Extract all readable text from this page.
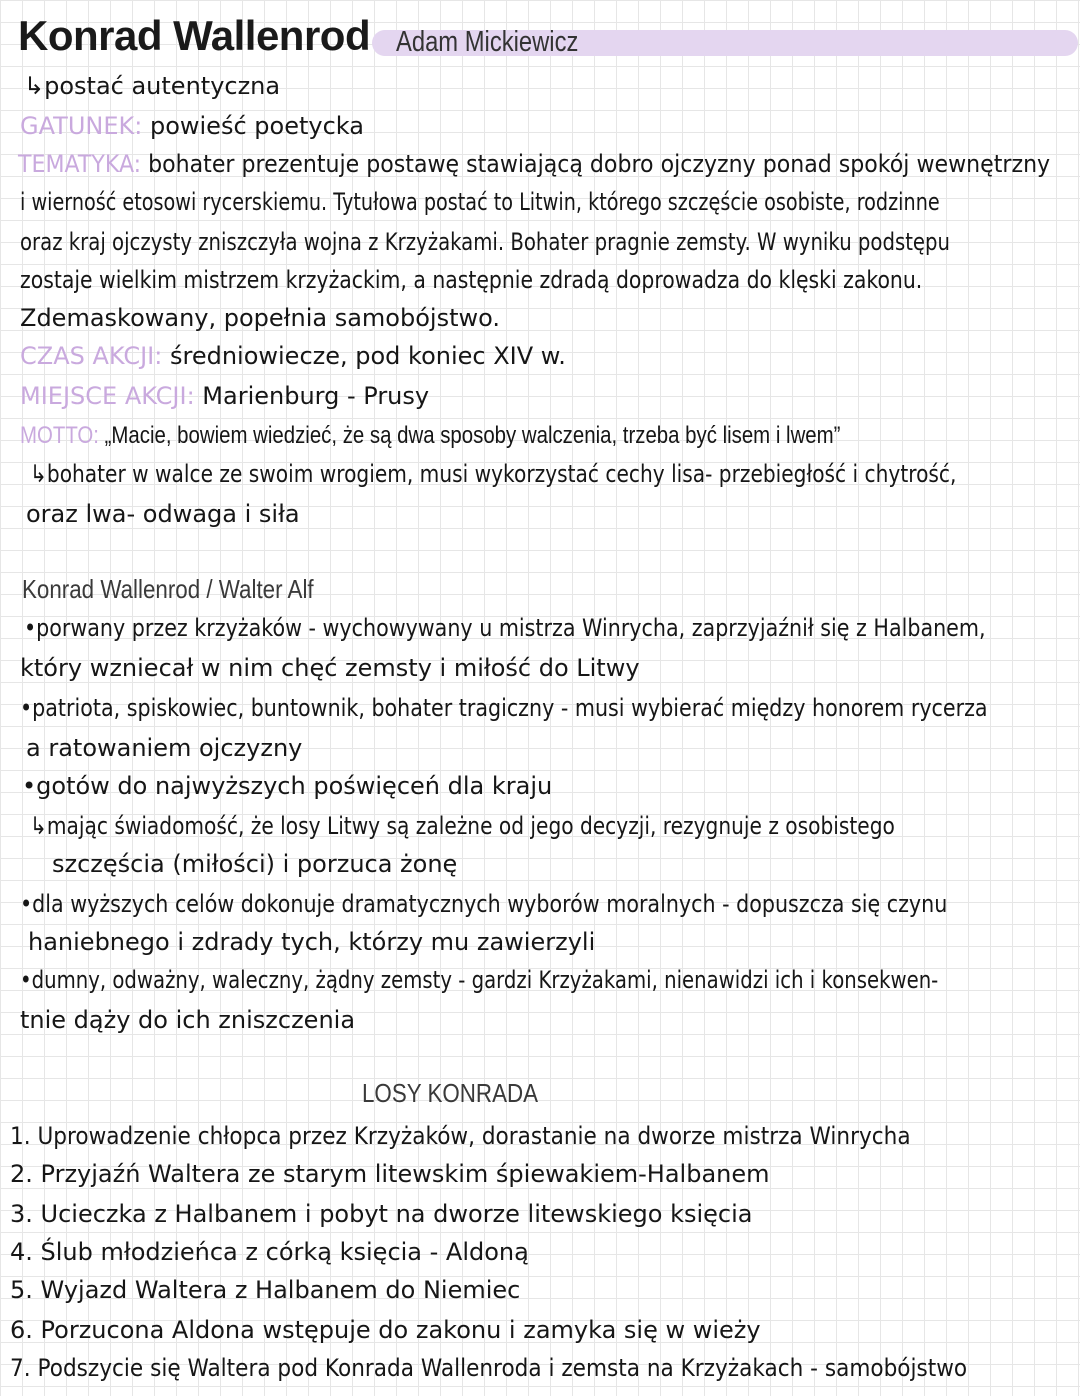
Konrad Wallenrod Adam Mickiewicz
↳postać autentyczna
GATUNEK: powieść poetycka
TEMATYKA: bohater prezentuje postawę stawiającą dobro ojczyzny ponad spokój wewnętrzny
i wierność etosowi rycerskiemu. Tytułowa postać to Litwin, którego szczęście osobiste, rodzinne
oraz kraj ojczysty zniszczyła wojna z Krzyżakami. Bohater pragnie zemsty. W wyniku podstępu
zostaje wielkim mistrzem krzyżackim, a następnie zdradą doprowadza do klęski zakonu.
Zdemaskowany, popełnia samobójstwo.
CZAS AKCJI: średniowiecze, pod koniec XIV w.
MIEJSCE AKCJI: Marienburg - Prusy
MOTTO: „Macie, bowiem wiedzieć, że są dwa sposoby walczenia, trzeba być lisem i lwem”
↳bohater w walce ze swoim wrogiem, musi wykorzystać cechy lisa- przebiegłość i chytrość,
oraz lwa- odwaga i siła
Konrad Wallenrod / Walter Alf
•porwany przez krzyżaków - wychowywany u mistrza Winrycha, zaprzyjaźnił się z Halbanem,
który wzniecał w nim chęć zemsty i miłość do Litwy
•patriota, spiskowiec, buntownik, bohater tragiczny - musi wybierać między honorem rycerza
a ratowaniem ojczyzny
•gotów do najwyższych poświęceń dla kraju
↳mając świadomość, że losy Litwy są zależne od jego decyzji, rezygnuje z osobistego
szczęścia (miłości) i porzuca żonę
•dla wyższych celów dokonuje dramatycznych wyborów moralnych - dopuszcza się czynu
haniebnego i zdrady tych, którzy mu zawierzyli
•dumny, odważny, waleczny, żądny zemsty - gardzi Krzyżakami, nienawidzi ich i konsekwen-
tnie dąży do ich zniszczenia
LOSY KONRADA
1. Uprowadzenie chłopca przez Krzyżaków, dorastanie na dworze mistrza Winrycha
2. Przyjaźń Waltera ze starym litewskim śpiewakiem-Halbanem
3. Ucieczka z Halbanem i pobyt na dworze litewskiego księcia
4. Ślub młodzieńca z córką księcia - Aldoną
5. Wyjazd Waltera z Halbanem do Niemiec
6. Porzucona Aldona wstępuje do zakonu i zamyka się w wieży
7. Podszycie się Waltera pod Konrada Wallenroda i zemsta na Krzyżakach - samobójstwo
